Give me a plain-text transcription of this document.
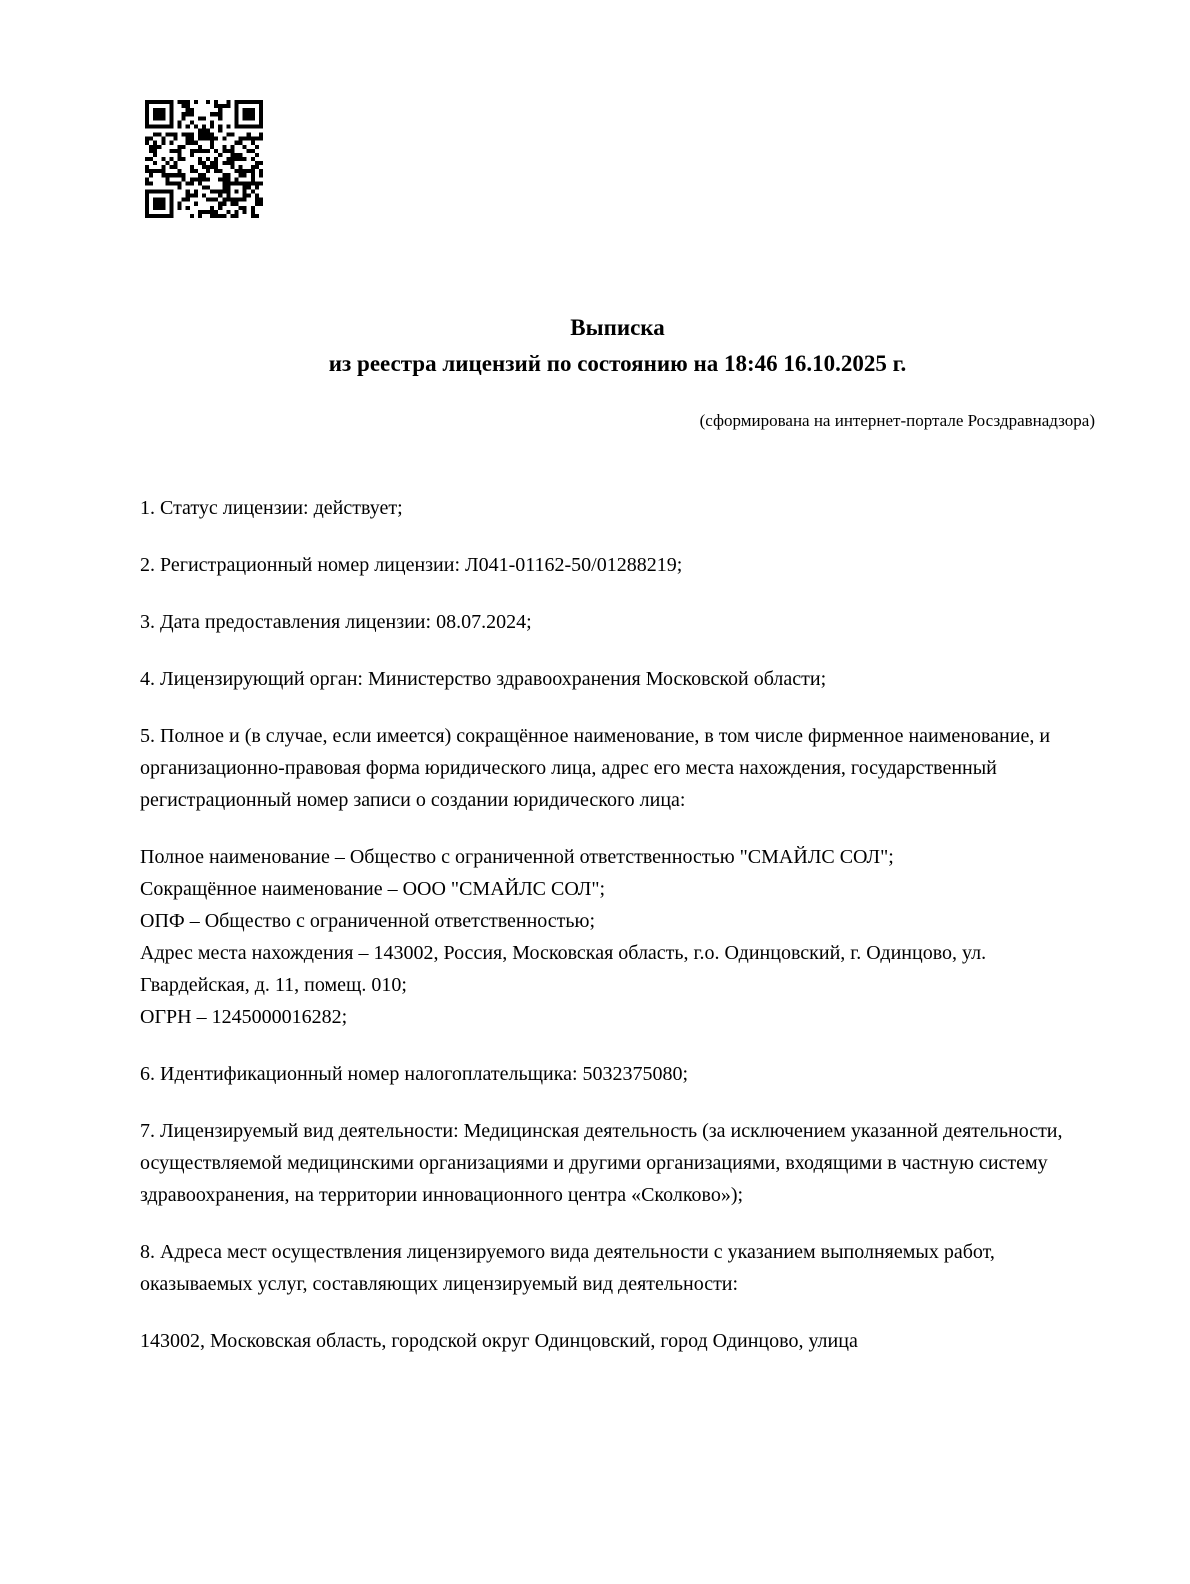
Выписка
из реестра лицензий по состоянию на 18:46 16.10.2025 г.
(сформирована на интернет-портале Росздравнадзора)

1. Статус лицензии: действует;

2. Регистрационный номер лицензии: Л041-01162-50/01288219;

3. Дата предоставления лицензии: 08.07.2024;

4. Лицензирующий орган: Министерство здравоохранения Московской области;

5. Полное и (в случае, если имеется) сокращённое наименование, в том числе фирменное наименование, и организационно-правовая форма юридического лица, адрес его места нахождения, государственный регистрационный номер записи о создании юридического лица:

Полное наименование – Общество с ограниченной ответственностью "СМАЙЛС СОЛ";

Сокращённое наименование – ООО "СМАЙЛС СОЛ";

ОПФ – Общество с ограниченной ответственностью;

Адрес места нахождения – 143002, Россия, Московская область, г.о. Одинцовский, г. Одинцово, ул. Гвардейская, д. 11, помещ. 010;

ОГРН – 1245000016282;

6. Идентификационный номер налогоплательщика: 5032375080;

7. Лицензируемый вид деятельности: Медицинская деятельность (за исключением указанной деятельности, осуществляемой медицинскими организациями и другими организациями, входящими в частную систему здравоохранения, на территории инновационного центра «Сколково»);

8. Адреса мест осуществления лицензируемого вида деятельности с указанием выполняемых работ, оказываемых услуг, составляющих лицензируемый вид деятельности:

143002, Московская область, городской округ Одинцовский, город Одинцово, улица
